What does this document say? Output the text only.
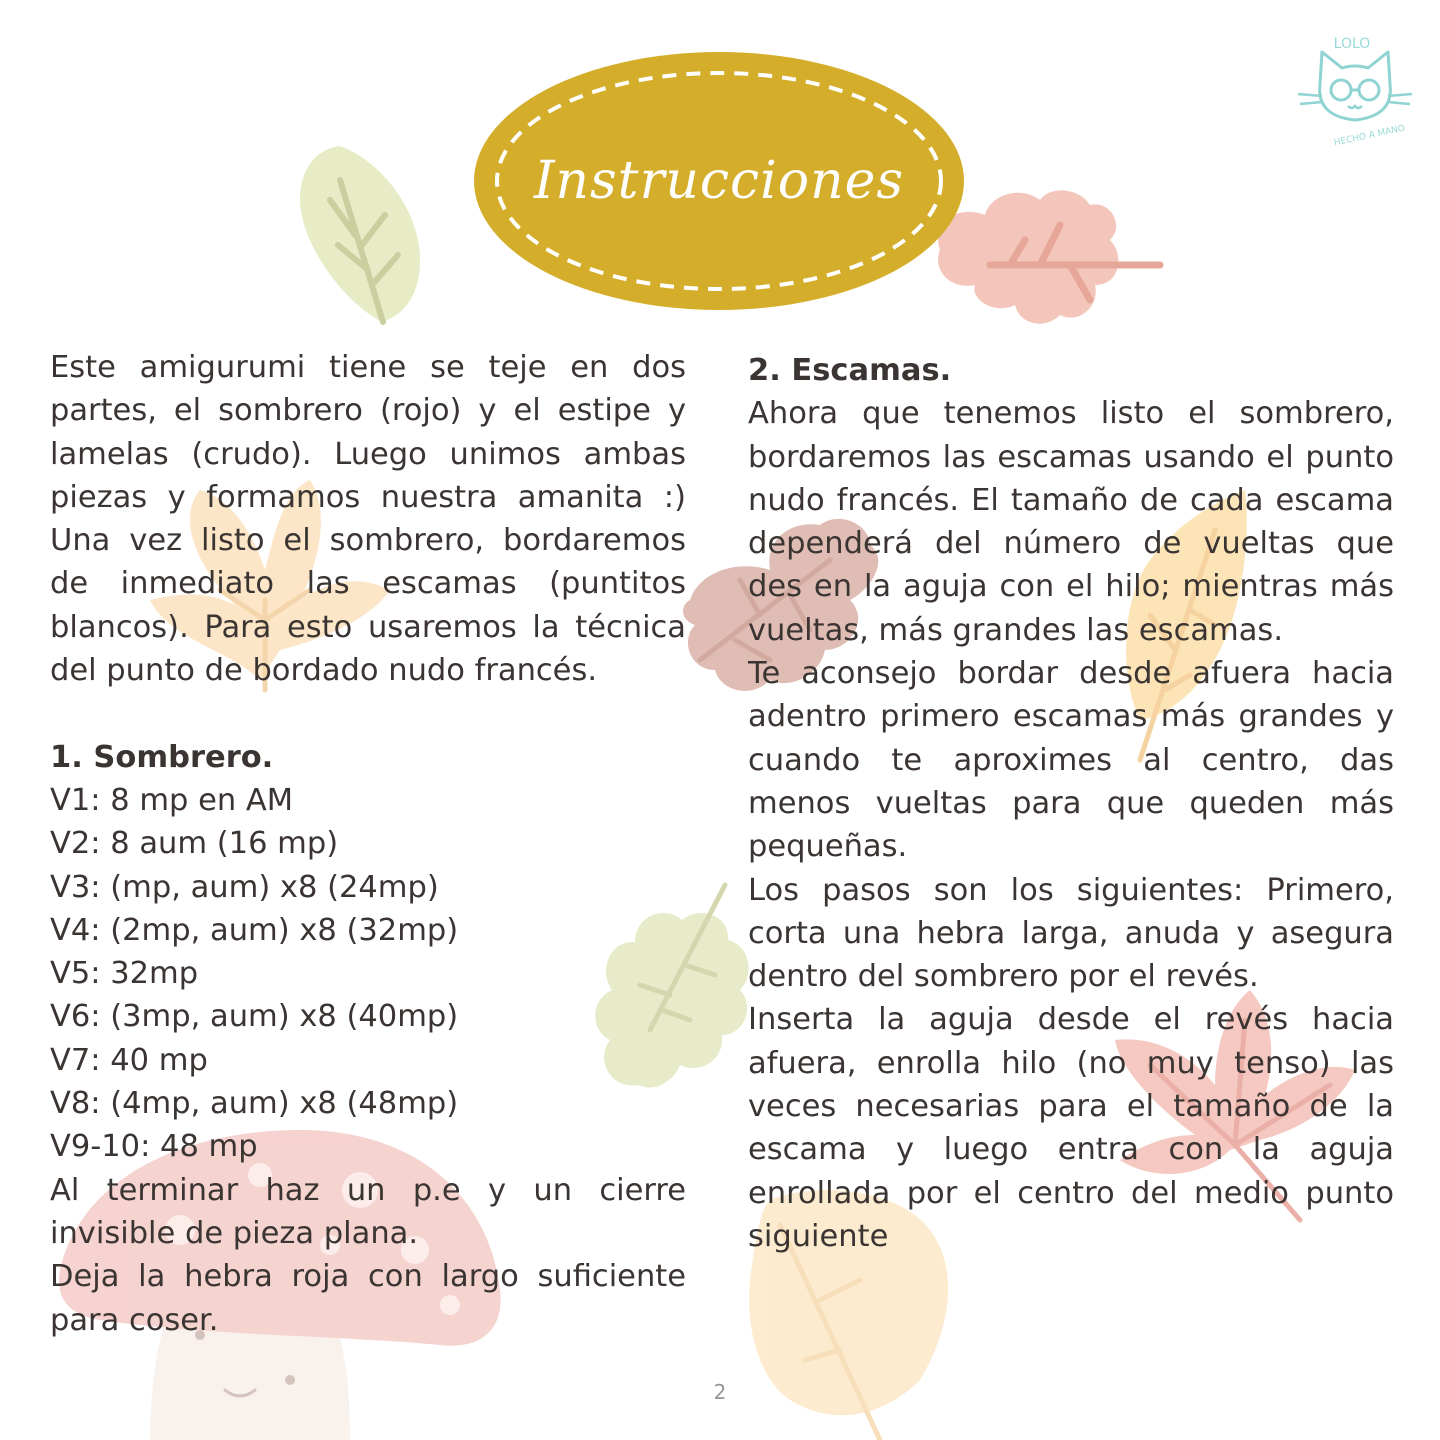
Instrucciones
LOLO
HECHO A MANO

Este amigurumi tiene se teje en dos partes, el sombrero (rojo) y el estipe y lamelas (crudo). Luego unimos ambas piezas y formamos nuestra amanita :) Una vez listo el sombrero, bordaremos de inmediato las escamas (puntitos blancos). Para esto usaremos la técnica del punto de bordado nudo francés.

1. Sombrero.

V1: 8 mp en AM

V2: 8 aum (16 mp)

V3: (mp, aum) x8 (24mp)

V4: (2mp, aum) x8 (32mp)

V5: 32mp

V6: (3mp, aum) x8 (40mp)

V7: 40 mp

V8: (4mp, aum) x8 (48mp)

V9-10: 48 mp

Al terminar haz un p.e y un cierre invisible de pieza plana.

Deja la hebra roja con largo suficiente para coser.

2. Escamas.

Ahora que tenemos listo el sombrero, bordaremos las escamas usando el punto nudo francés. El tamaño de cada escama dependerá del número de vueltas que des en la aguja con el hilo; mientras más vueltas, más grandes las escamas.

Te aconsejo bordar desde afuera hacia adentro primero escamas más grandes y cuando te aproximes al centro, das menos vueltas para que queden más pequeñas.

Los pasos son los siguientes: Primero, corta una hebra larga, anuda y asegura dentro del sombrero por el revés.

Inserta la aguja desde el revés hacia afuera, enrolla hilo (no muy tenso) las veces necesarias para el tamaño de la escama y luego entra con la aguja enrollada por el centro del medio punto siguiente

2
